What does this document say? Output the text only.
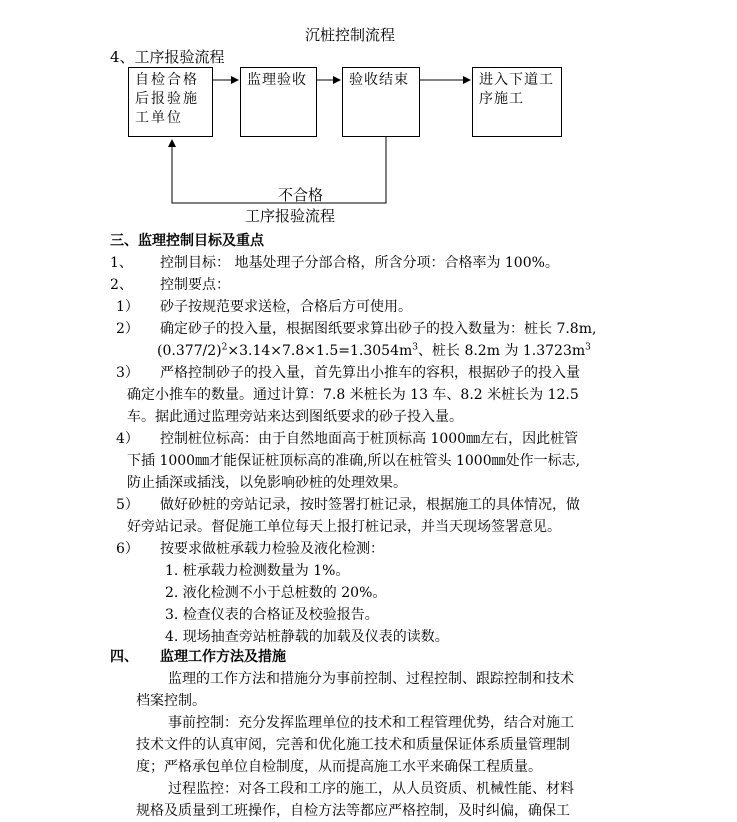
沉桩控制流程
4、工序报验流程
自检合格后报验施工单位
监理验收	验收结束	进入下道工序施工
不合格
工序报验流程
三、监理控制目标及重点
1、 控制目标： 地基处理子分部合格，所含分项：合格率为 100%。
2、 控制要点：
1） 砂子按规范要求送检，合格后方可使用。
2） 确定砂子的投入量，根据图纸要求算出砂子的投入数量为：桩长 7.8m,
$(0.377/2)^2\times 3.14\times 7.8\times 1.5=1.3054m^3$、桩长 8.2m 为 $1.3723m^3$
3） 严格控制砂子的投入量，首先算出小推车的容积，根据砂子的投入量
确定小推车的数量。通过计算：7.8 米桩长为 13 车、8.2 米桩长为 12.5
车。据此通过监理旁站来达到图纸要求的砂子投入量。
4） 控制桩位标高：由于自然地面高于桩顶标高 1000㎜左右，因此桩管
下插 1000㎜才能保证桩顶标高的准确,所以在桩管头 1000㎜处作一标志,
防止插深或插浅，以免影响砂桩的处理效果。
5） 做好砂桩的旁站记录，按时签署打桩记录，根据施工的具体情况，做
好旁站记录。督促施工单位每天上报打桩记录，并当天现场签署意见。
6） 按要求做桩承载力检验及液化检测：
1. 桩承载力检测数量为 1%。
2. 液化检测不小于总桩数的 20%。
3. 检查仪表的合格证及校验报告。
4. 现场抽查旁站桩静载的加载及仪表的读数。
四、 监理工作方法及措施
监理的工作方法和措施分为事前控制、过程控制、跟踪控制和技术
档案控制。
事前控制：充分发挥监理单位的技术和工程管理优势，结合对施工
技术文件的认真审阅，完善和优化施工技术和质量保证体系质量管理制
度；严格承包单位自检制度，从而提高施工水平来确保工程质量。
过程监控：对各工段和工序的施工，从人员资质、机械性能、材料
规格及质量到工班操作，自检方法等都应严格控制，及时纠偏，确保工
